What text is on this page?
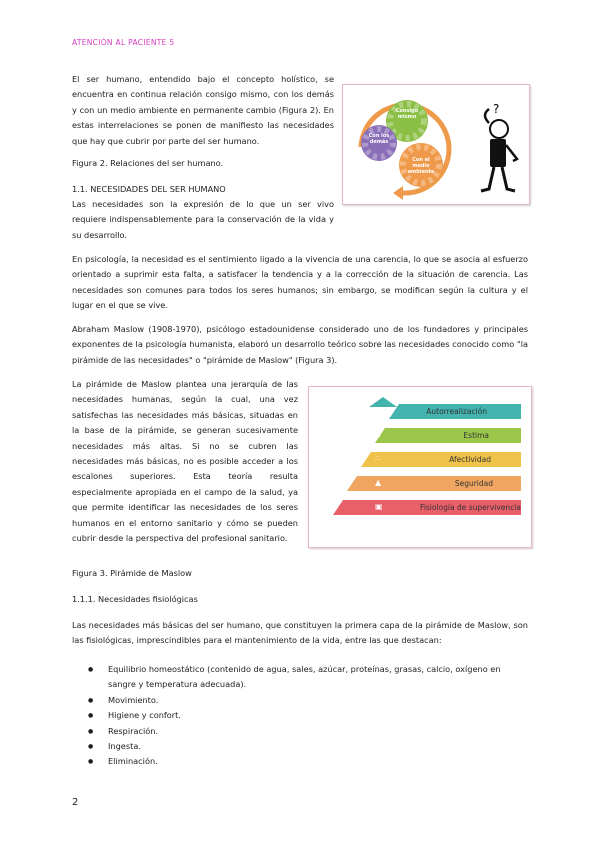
ATENCIÓN AL PACIENTE 5

El ser humano, entendido bajo el concepto holístico, se encuentra en continua relación consigo mismo, con los demás y con un medio ambiente en permanente cambio (Figura 2). En estas interrelaciones se ponen de manifiesto las necesidades que hay que cubrir por parte del ser humano.

Consigo mismo
Con los demás
Con el medio ambiente
?

Figura 2. Relaciones del ser humano.

1.1. NECESIDADES DEL SER HUMANO

Las necesidades son la expresión de lo que un ser vivo requiere indispensablemente para la conservación de la vida y su desarrollo.

En psicología, la necesidad es el sentimiento ligado a la vivencia de una carencia, lo que se asocia al esfuerzo orientado a suprimir esta falta, a satisfacer la tendencia y a la corrección de la situación de carencia. Las necesidades son comunes para todos los seres humanos; sin embargo, se modifican según la cultura y el lugar en el que se vive.

Abraham Maslow (1908-1970), psicólogo estadounidense considerado uno de los fundadores y principales exponentes de la psicología humanista, elaboró un desarrollo teórico sobre las necesidades conocido como "la pirámide de las necesidades" o "pirámide de Maslow" (Figura 3).

La pirámide de Maslow plantea una jerarquía de las necesidades humanas, según la cual, una vez satisfechas las necesidades más básicas, situadas en la base de la pirámide, se generan sucesivamente necesidades más altas. Si no se cubren las necesidades más básicas, no es posible acceder a los escalones superiores. Esta teoría resulta especialmente apropiada en el campo de la salud, ya que permite identificar las necesidades de los seres humanos en el entorno sanitario y cómo se pueden cubrir desde la perspectiva del profesional sanitario.

Autorrealización
♦
Estima
♕
Afectividad
∴
Seguridad
▲
Fisiología de supervivencia
▣

Figura 3. Pirámide de Maslow

1.1.1. Necesidades fisiológicas

Las necesidades más básicas del ser humano, que constituyen la primera capa de la pirámide de Maslow, son las fisiológicas, imprescindibles para el mantenimiento de la vida, entre las que destacan:

● Equilibrio homeostático (contenido de agua, sales, azúcar, proteínas, grasas, calcio, oxígeno en sangre y temperatura adecuada).
● Movimiento.
● Higiene y confort.
● Respiración.
● Ingesta.
● Eliminación.
2
